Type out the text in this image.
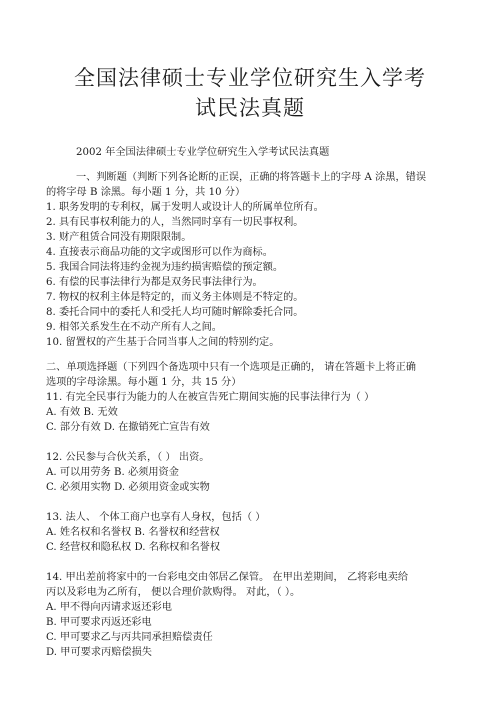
全国法律硕士专业学位研究生入学考
试民法真题
2002 年全国法律硕士专业学位研究生入学考试民法真题
一、判断题（判断下列各论断的正误，正确的将答题卡上的字母 A 涂黑，错误
的将字母 B 涂黑。每小题 1 分，共 10 分）
1. 职务发明的专利权，属于发明人或设计人的所属单位所有。
2. 具有民事权利能力的人，当然同时享有一切民事权利。
3. 财产租赁合同没有期限限制。
4. 直接表示商品功能的文字或图形可以作为商标。
5. 我国合同法将违约金视为违约损害赔偿的预定额。
6. 有偿的民事法律行为都是双务民事法律行为。
7. 物权的权利主体是特定的，而义务主体则是不特定的。
8. 委托合同中的委托人和受托人均可随时解除委托合同。
9. 相邻关系发生在不动产所有人之间。
10. 留置权的产生基于合同当事人之间的特别约定。
二、单项选择题（下列四个备选项中只有一个选项是正确的， 请在答题卡上将正确
选项的字母涂黑。每小题 1 分，共 15 分）
11. 有完全民事行为能力的人在被宣告死亡期间实施的民事法律行为（ ）
A. 有效 B. 无效
C. 部分有效 D. 在撤销死亡宣告有效
12. 公民参与合伙关系，（ ） 出资。
A. 可以用劳务 B. 必须用资金
C. 必须用实物 D. 必须用资金或实物
13. 法人、 个体工商户也享有人身权，包括（ ）
A. 姓名权和名誉权 B. 名誉权和经营权
C. 经营权和隐私权 D. 名称权和名誉权
14. 甲出差前将家中的一台彩电交由邻居乙保管。 在甲出差期间， 乙将彩电卖给
丙以及彩电为乙所有， 便以合理价款购得。 对此，（ ）。
A. 甲不得向丙请求返还彩电
B. 甲可要求丙返还彩电
C. 甲可要求乙与丙共同承担赔偿责任
D. 甲可要求丙赔偿损失
